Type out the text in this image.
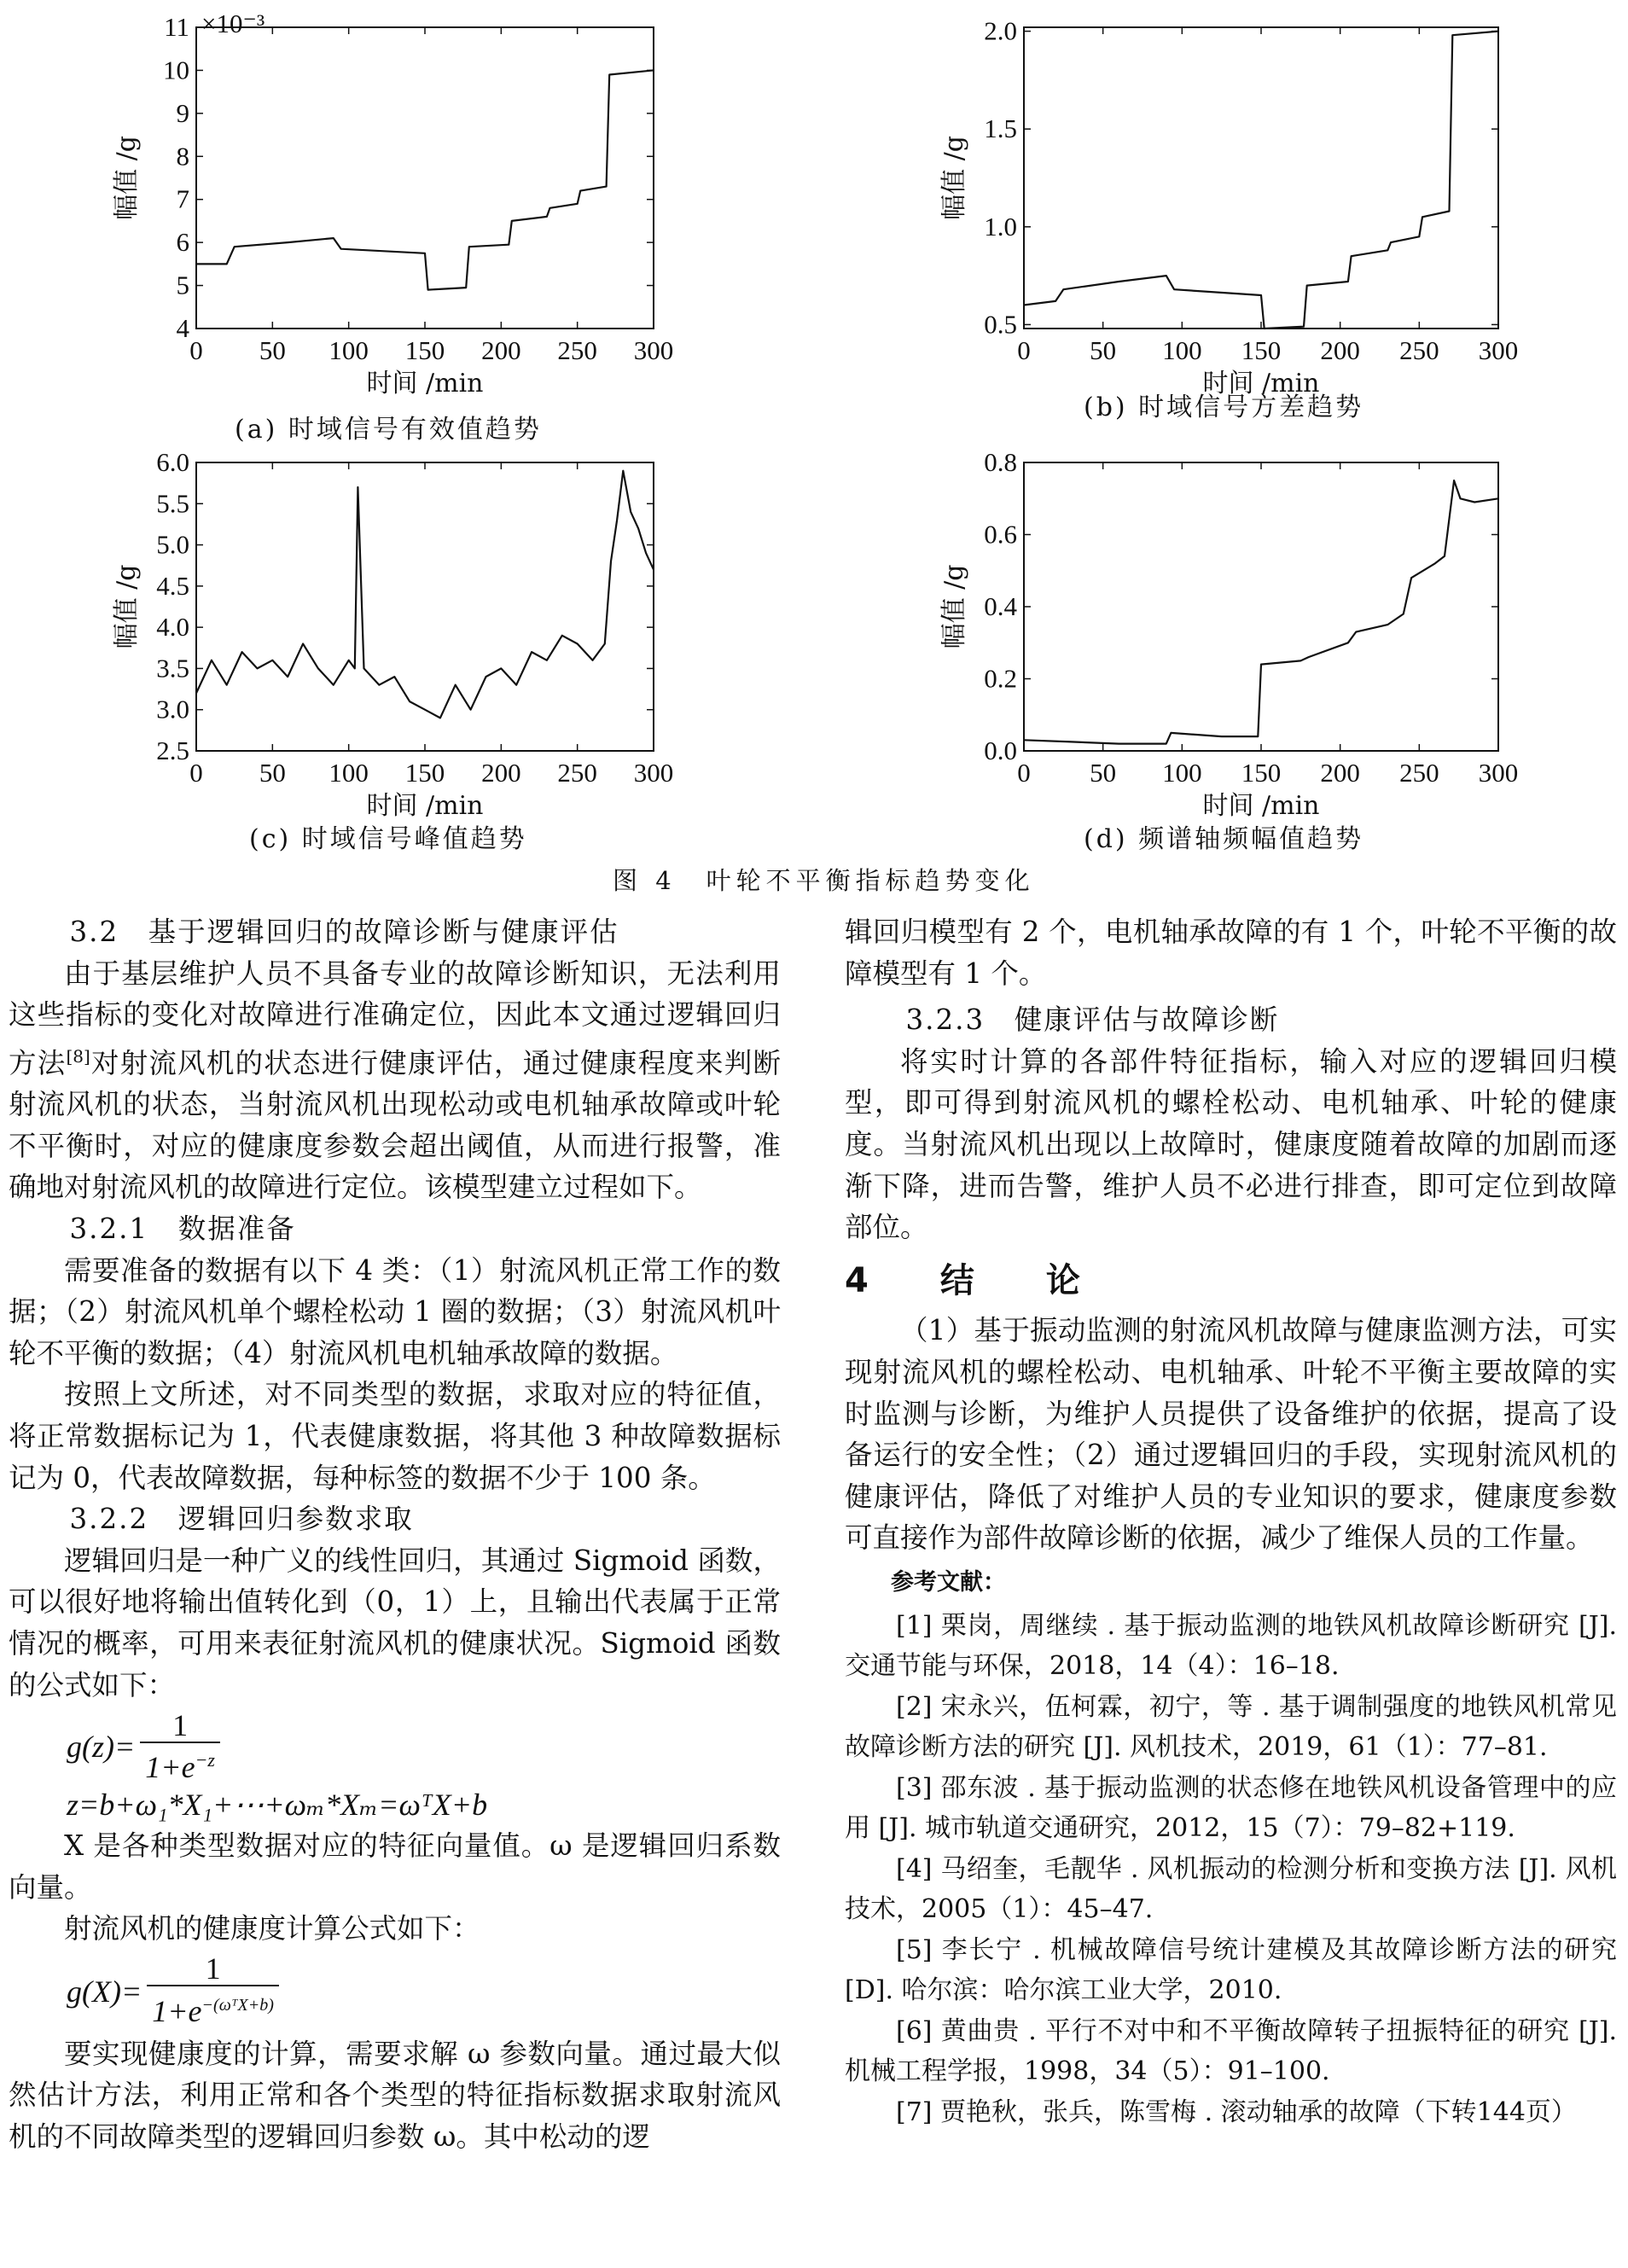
4
5
6
7
8
9
10
11
0 50 100 150 200 250 300
时间 /min
幅值 /g
×10⁻³
(a) 时域信号有效值趋势
0.5
1.0
1.5
2.0
0 50 100 150 200 250 300
时间 /min
幅值 /g
(b) 时域信号方差趋势
2.5
3.0
3.5
4.0
4.5
5.0
5.5
6.0
0 50 100 150 200 250 300
时间 /min
幅值 /g
(c) 时域信号峰值趋势
0.0
0.2
0.4
0.6
0.8
0 50 100 150 200 250 300
时间 /min
幅值 /g
(d) 频谱轴频幅值趋势
图 4　叶轮不平衡指标趋势变化
3.2　基于逻辑回归的故障诊断与健康评估

由于基层维护人员不具备专业的故障诊断知识，无法利用这些指标的变化对故障进行准确定位，因此本文通过逻辑回归方法[8]对射流风机的状态进行健康评估，通过健康程度来判断射流风机的状态，当射流风机出现松动或电机轴承故障或叶轮不平衡时，对应的健康度参数会超出阈值，从而进行报警，准确地对射流风机的故障进行定位。该模型建立过程如下。

3.2.1　数据准备

需要准备的数据有以下 4 类：（1）射流风机正常工作的数据；（2）射流风机单个螺栓松动 1 圈的数据；（3）射流风机叶轮不平衡的数据；（4）射流风机电机轴承故障的数据。

按照上文所述，对不同类型的数据，求取对应的特征值，将正常数据标记为 1，代表健康数据，将其他 3 种故障数据标记为 0，代表故障数据，每种标签的数据不少于 100 条。

3.2.2　逻辑回归参数求取

逻辑回归是一种广义的线性回归，其通过 Sigmoid 函数，可以很好地将输出值转化到（0，1）上，且输出代表属于正常情况的概率，可用来表征射流风机的健康状况。Sigmoid 函数的公式如下：

$g(z)= \frac{1}{1+e^{-z}}$
z=b+ω₁*X₁+⋯+ωₘ*Xₘ=ωᵀX+b

X 是各种类型数据对应的特征向量值。ω 是逻辑回归系数向量。

射流风机的健康度计算公式如下：

g(X)=
1
$1+e^{-(\omega ᵀX+b)}$

要实现健康度的计算，需要求解 ω 参数向量。通过最大似然估计方法，利用正常和各个类型的特征指标数据求取射流风机的不同故障类型的逻辑回归参数 ω。其中松动的逻

辑回归模型有 2 个，电机轴承故障的有 1 个，叶轮不平衡的故障模型有 1 个。

3.2.3　健康评估与故障诊断

将实时计算的各部件特征指标，输入对应的逻辑回归模型，即可得到射流风机的螺栓松动、电机轴承、叶轮的健康度。当射流风机出现以上故障时，健康度随着故障的加剧而逐渐下降，进而告警，维护人员不必进行排查，即可定位到故障部位。

4　结　论

（1）基于振动监测的射流风机故障与健康监测方法，可实现射流风机的螺栓松动、电机轴承、叶轮不平衡主要故障的实时监测与诊断，为维护人员提供了设备维护的依据，提高了设备运行的安全性；（2）通过逻辑回归的手段，实现射流风机的健康评估，降低了对维护人员的专业知识的要求，健康度参数可直接作为部件故障诊断的依据，减少了维保人员的工作量。

参考文献：

[1] 栗岗，周继续 . 基于振动监测的地铁风机故障诊断研究 [J]. 交通节能与环保，2018，14（4）：16–18.

[2] 宋永兴，伍柯霖，初宁，等 . 基于调制强度的地铁风机常见故障诊断方法的研究 [J]. 风机技术，2019，61（1）：77–81.

[3] 邵东波 . 基于振动监测的状态修在地铁风机设备管理中的应用 [J]. 城市轨道交通研究，2012，15（7）：79–82+119.

[4] 马绍奎，毛靓华 . 风机振动的检测分析和变换方法 [J]. 风机技术，2005（1）：45–47.

[5] 李长宁 . 机械故障信号统计建模及其故障诊断方法的研究 [D]. 哈尔滨：哈尔滨工业大学，2010.

[6] 黄曲贵 . 平行不对中和不平衡故障转子扭振特征的研究 [J]. 机械工程学报，1998，34（5）：91–100.

[7] 贾艳秋，张兵，陈雪梅 . 滚动轴承的故障（下转144页）
